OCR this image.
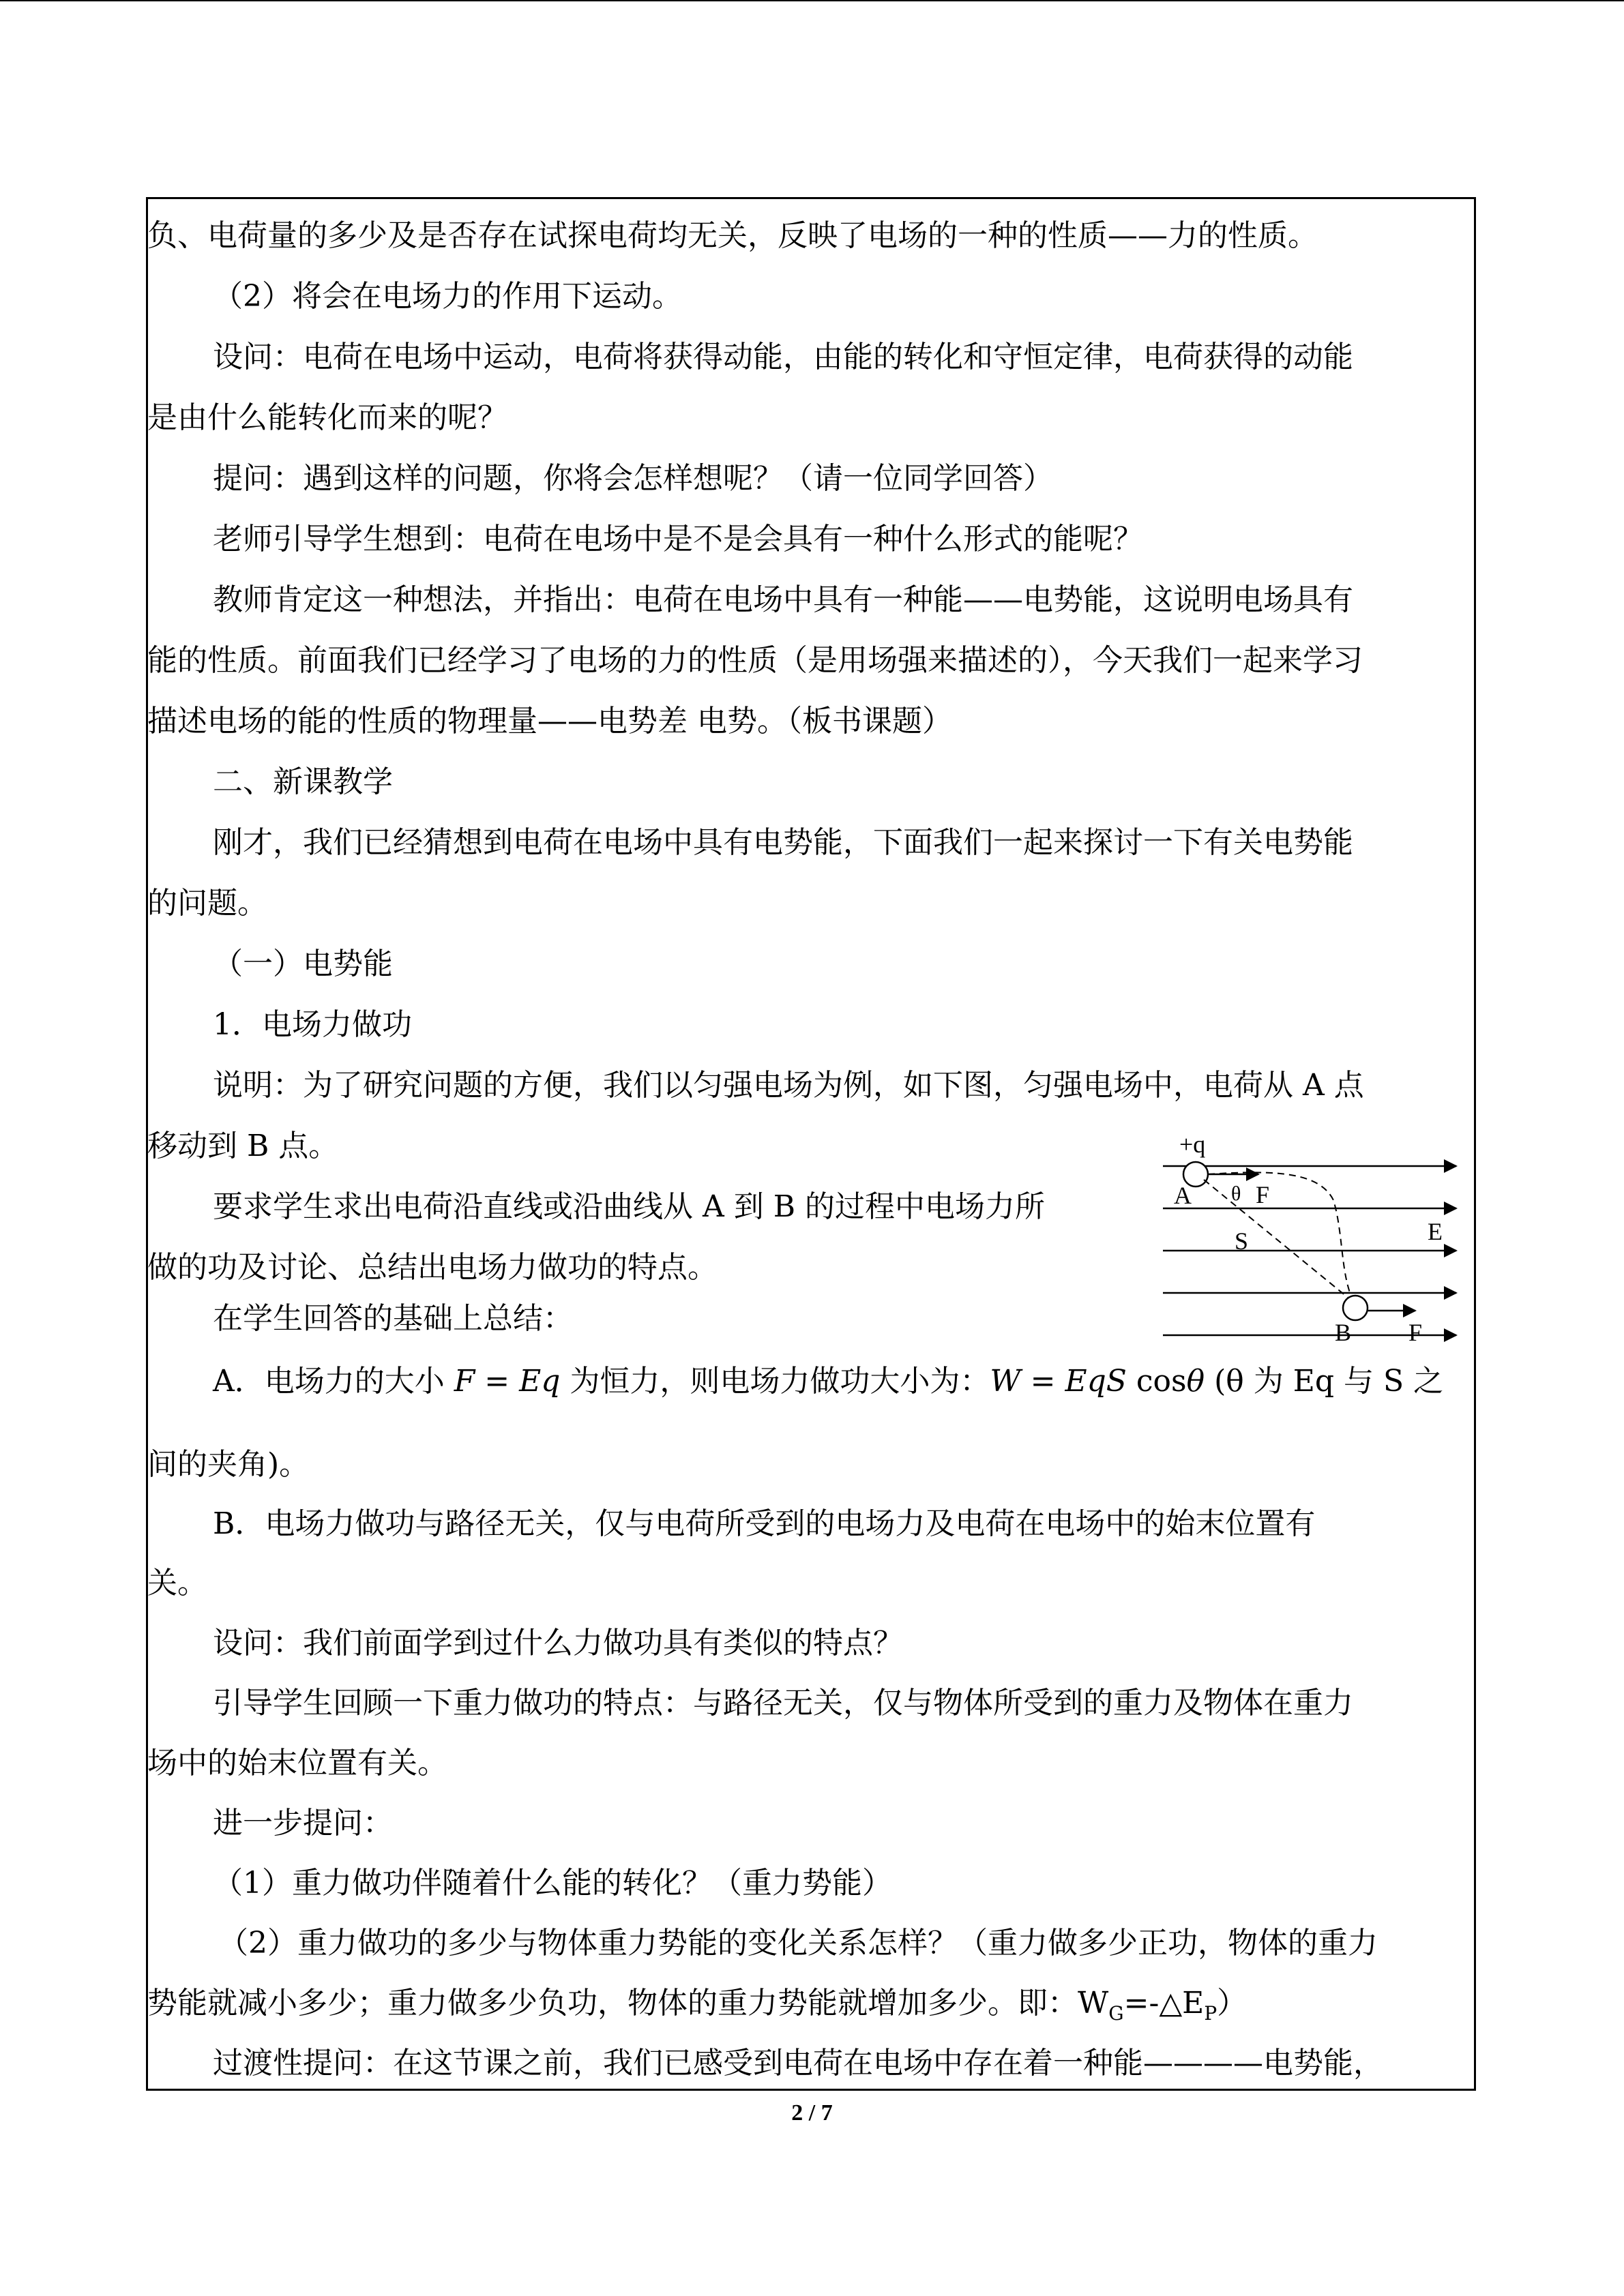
负、电荷量的多少及是否存在试探电荷均无关，反映了电场的一种的性质——力的性质。
（2）将会在电场力的作用下运动。
设问：电荷在电场中运动，电荷将获得动能，由能的转化和守恒定律，电荷获得的动能
是由什么能转化而来的呢？
提问：遇到这样的问题，你将会怎样想呢？（请一位同学回答）
老师引导学生想到：电荷在电场中是不是会具有一种什么形式的能呢？
教师肯定这一种想法，并指出：电荷在电场中具有一种能——电势能，这说明电场具有
能的性质。前面我们已经学习了电场的力的性质（是用场强来描述的），今天我们一起来学习
描述电场的能的性质的物理量——电势差 电势。（板书课题）
二、新课教学
刚才，我们已经猜想到电荷在电场中具有电势能，下面我们一起来探讨一下有关电势能
的问题。
（一）电势能
1．电场力做功
说明：为了研究问题的方便，我们以匀强电场为例，如下图，匀强电场中，电荷从 A 点
移动到 B 点。
要求学生求出电荷沿直线或沿曲线从 A 到 B 的过程中电场力所
做的功及讨论、总结出电场力做功的特点。
在学生回答的基础上总结：
A．电场力的大小 F = Eq 为恒力，则电场力做功大小为：W = EqS cosθ (θ 为 Eq 与 S 之
间的夹角)。
B．电场力做功与路径无关，仅与电荷所受到的电场力及电荷在电场中的始末位置有
关。
设问：我们前面学到过什么力做功具有类似的特点？
引导学生回顾一下重力做功的特点：与路径无关，仅与物体所受到的重力及物体在重力
场中的始末位置有关。
进一步提问：
（1）重力做功伴随着什么能的转化？（重力势能）
（2）重力做功的多少与物体重力势能的变化关系怎样？（重力做多少正功，物体的重力
势能就减小多少；重力做多少负功，物体的重力势能就增加多少。即：$W_G=-\triangle E_P$）
过渡性提问：在这节课之前，我们已感受到电荷在电场中存在着一种能————电势能，
+q
A θ F
E
S
B F
2 / 7
